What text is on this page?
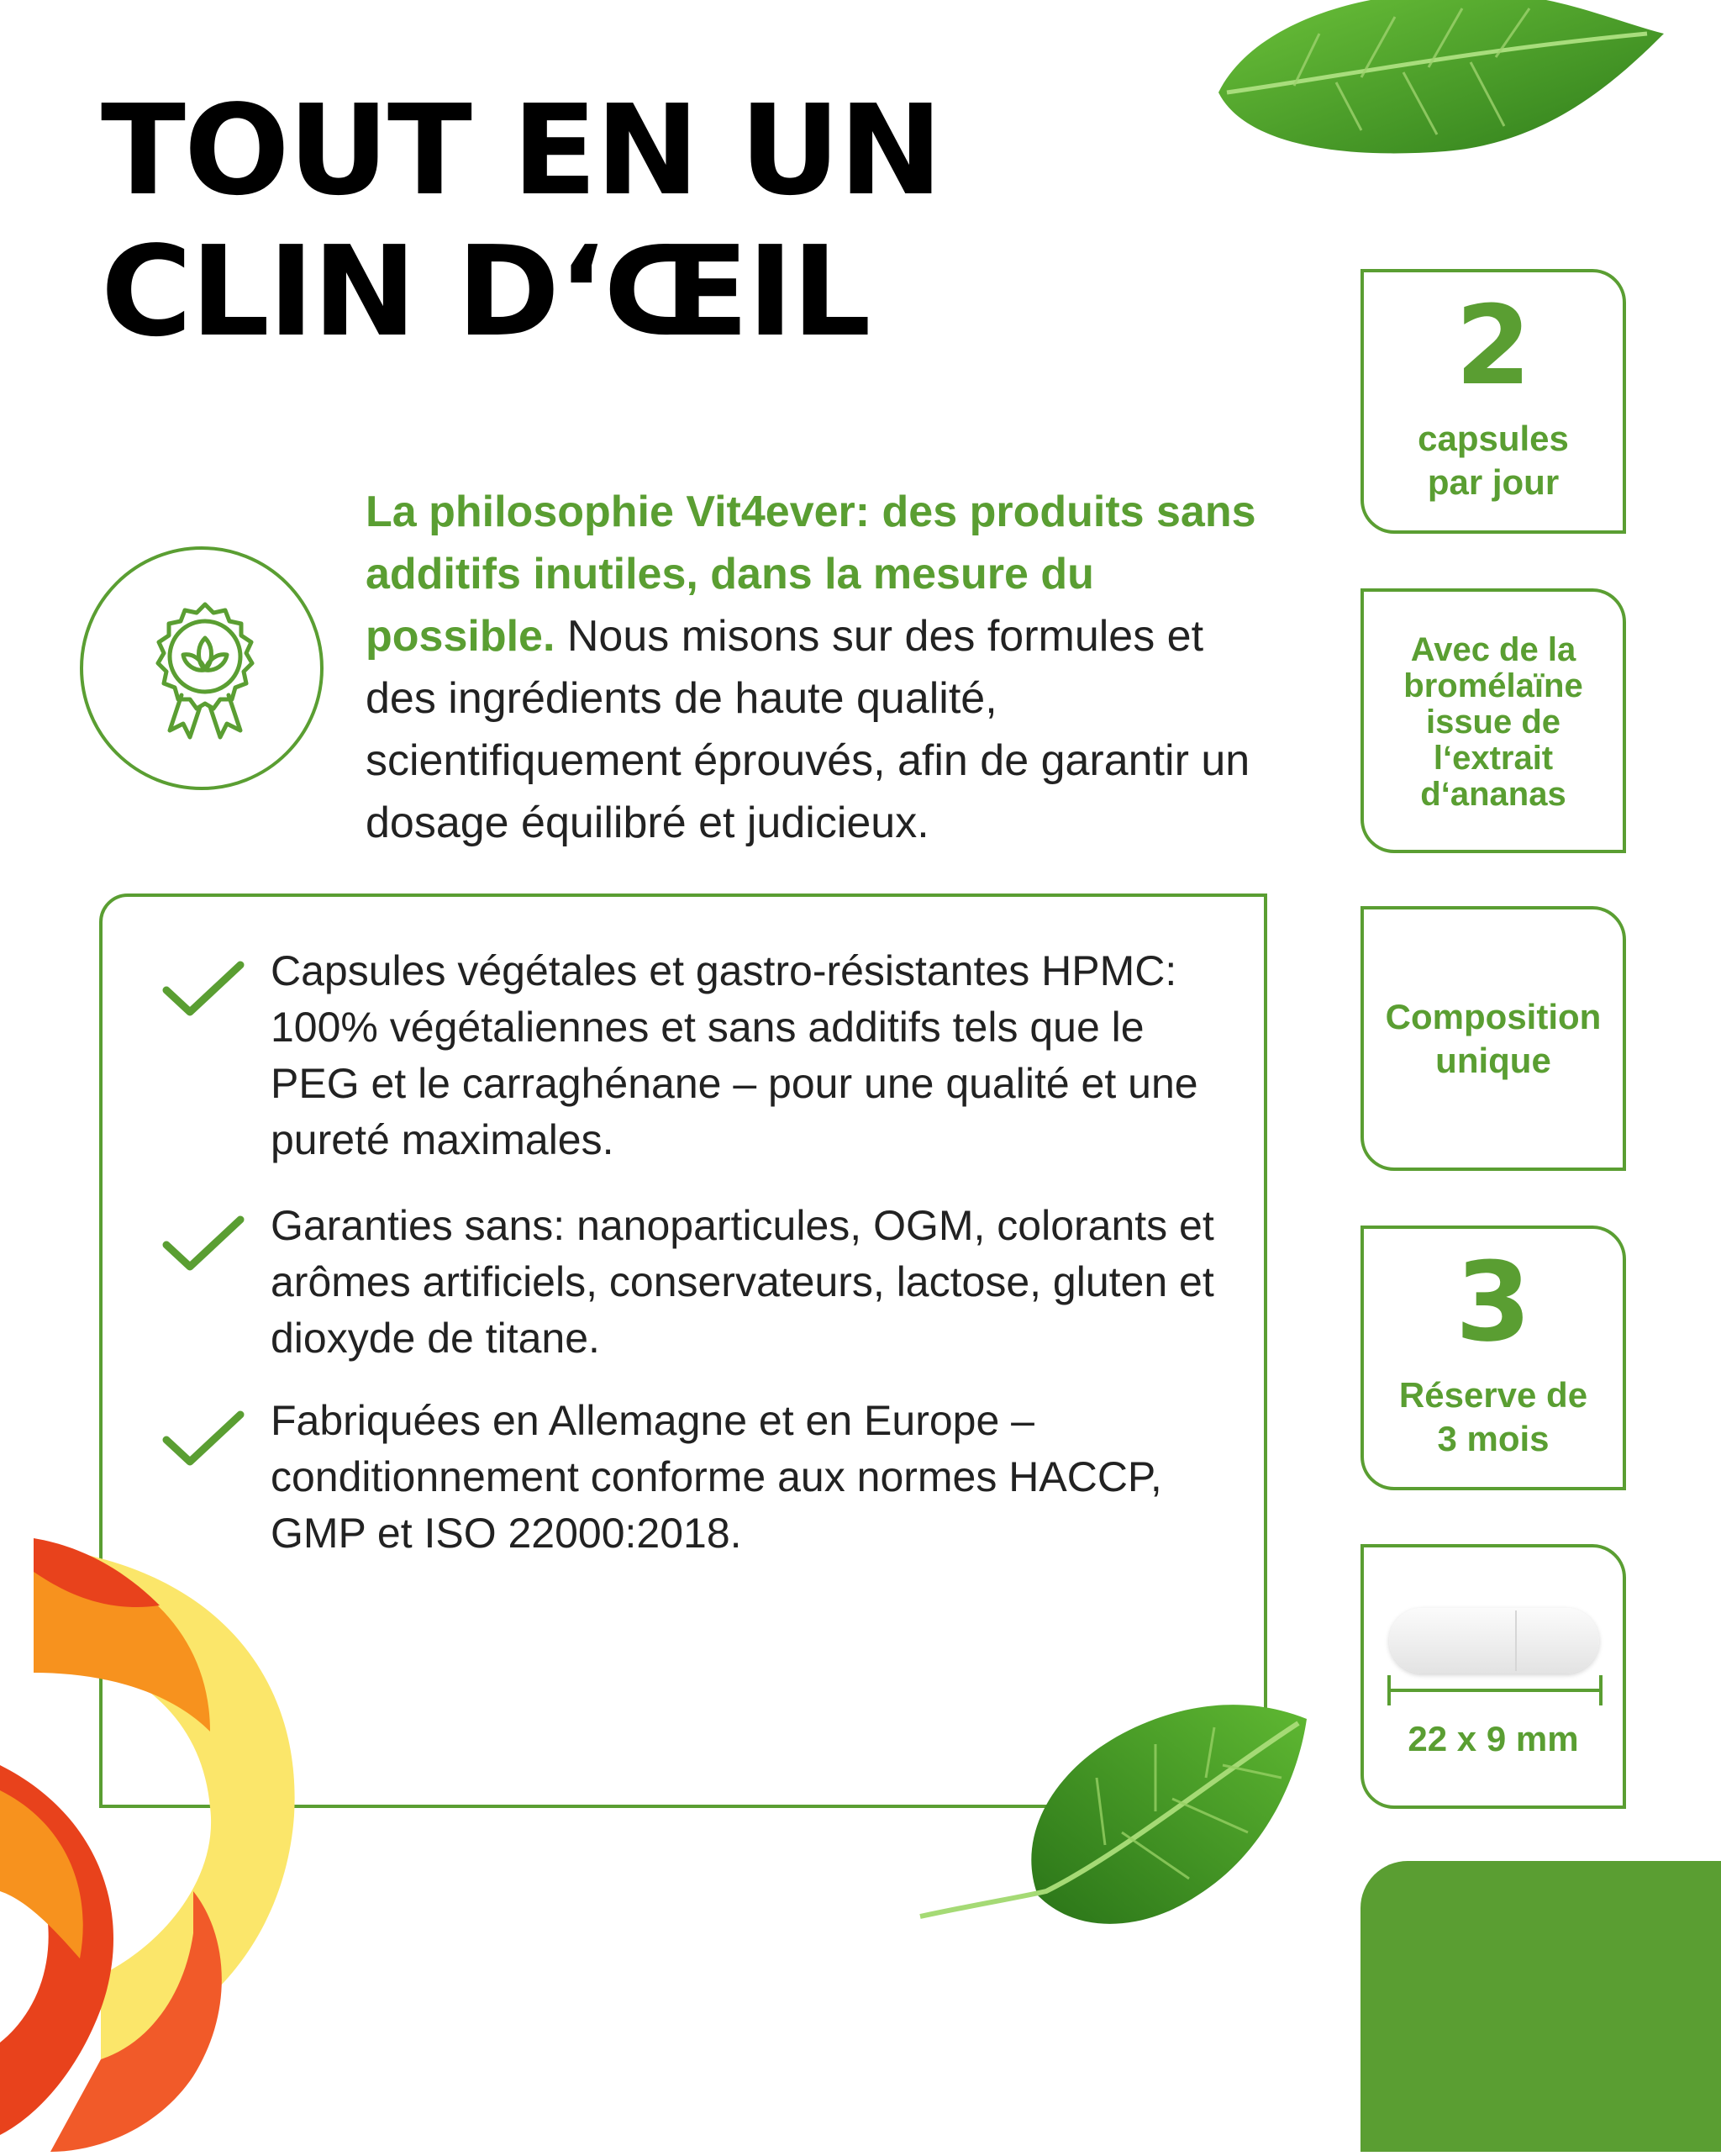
TOUT EN UN
CLIN D‘ŒIL

La philosophie Vit4ever: des produits sans additifs inutiles, dans la mesure du possible. Nous misons sur des formules et des ingrédients de haute qualité, scientifiquement éprouvés, afin de garantir un dosage équilibré et judicieux.

Capsules végétales et gastro-résistantes HPMC: 100% végétaliennes et sans additifs tels que le PEG et le carraghénane – pour une qualité et une pureté maximales.

Garanties sans: nanoparticules, OGM, colorants et arômes artificiels, conservateurs, lactose, gluten et dioxyde de titane.

Fabriquées en Allemagne et en Europe – conditionnement conforme aux normes HACCP, GMP et ISO 22000:2018.

2
capsules
par jour
Avec de la
bromélaïne
issue de
l‘extrait
d‘ananas
Composition
unique
3
Réserve de
3 mois
22 x 9 mm
